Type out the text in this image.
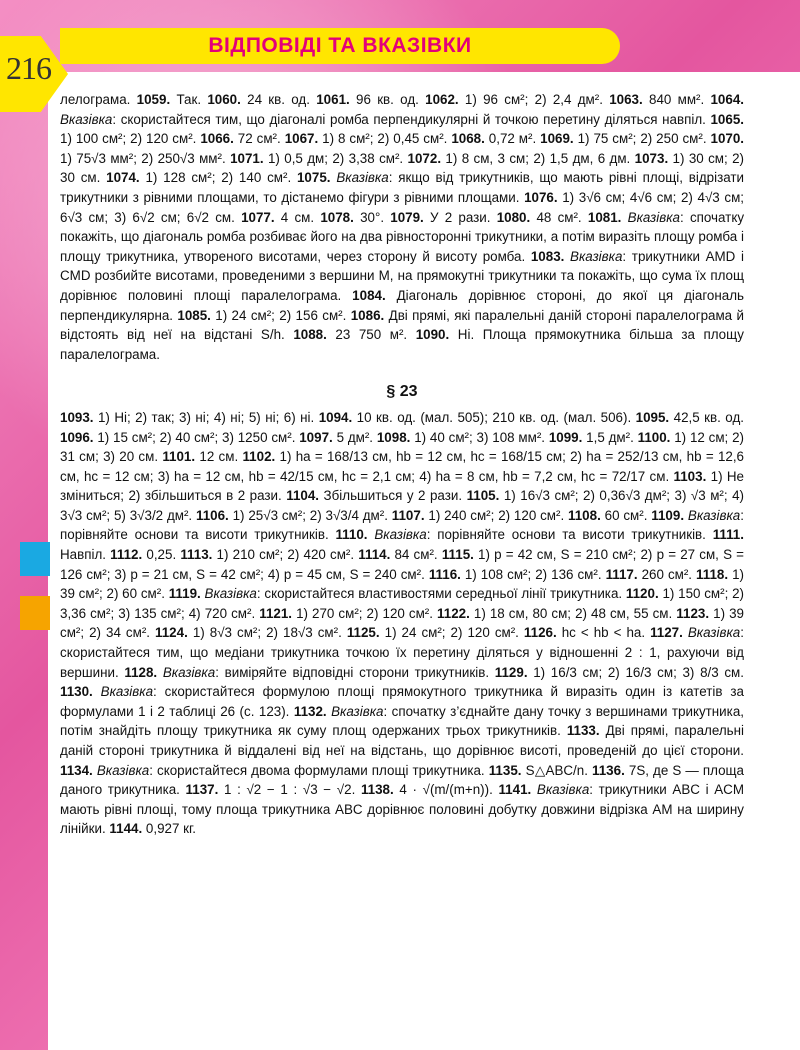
216
ВІДПОВІДІ ТА ВКАЗІВКИ

лелограма. 1059. Так. 1060. 24 кв. од. 1061. 96 кв. од. 1062. 1) 96 см²; 2) 2,4 дм². 1063. 840 мм². 1064. Вказівка: скористайтеся тим, що діагоналі ромба перпендикулярні й точкою перетину діляться навпіл. 1065. 1) 100 см²; 2) 120 см². 1066. 72 см². 1067. 1) 8 см²; 2) 0,45 см². 1068. 0,72 м². 1069. 1) 75 см²; 2) 250 см². 1070. 1) 75√3 мм²; 2) 250√3 мм². 1071. 1) 0,5 дм; 2) 3,38 см². 1072. 1) 8 см, 3 см; 2) 1,5 дм, 6 дм. 1073. 1) 30 см; 2) 30 см. 1074. 1) 128 см²; 2) 140 см². 1075. Вказівка: якщо від трикутників, що мають рівні площі, відрізати трикутники з рівними площами, то дістанемо фігури з рівними площами. 1076. 1) 3√6 см; 4√6 см; 2) 4√3 см; 6√3 см; 3) 6√2 см; 6√2 см. 1077. 4 см. 1078. 30°. 1079. У 2 рази. 1080. 48 см². 1081. Вказівка: спочатку покажіть, що діагональ ромба розбиває його на два рівносторонні трикутники, а потім виразіть площу ромба і площу трикутника, утвореного висотами, через сторону й висоту ромба. 1083. Вказівка: трикутники AMD і CMD розбийте висотами, проведеними з вершини M, на прямокутні трикутники та покажіть, що сума їх площ дорівнює половині площі паралелограма. 1084. Діагональ дорівнює стороні, до якої ця діагональ перпендикулярна. 1085. 1) 24 см²; 2) 156 см². 1086. Дві прямі, які паралельні даній стороні паралелограма й відстоять від неї на відстані S/h. 1088. 23 750 м². 1090. Ні. Площа прямокутника більша за площу паралелограма.

§ 23

1093. 1) Ні; 2) так; 3) ні; 4) ні; 5) ні; 6) ні. 1094. 10 кв. од. (мал. 505); 210 кв. од. (мал. 506). 1095. 42,5 кв. од. 1096. 1) 15 см²; 2) 40 см²; 3) 1250 см². 1097. 5 дм². 1098. 1) 40 см²; 3) 108 мм². 1099. 1,5 дм². 1100. 1) 12 см; 2) 31 см; 3) 20 см. 1101. 12 см. 1102. 1) ha = 168/13 см, hb = 12 см, hc = 168/15 см; 2) ha = 252/13 см, hb = 12,6 см, hc = 12 см; 3) ha = 12 см, hb = 42/15 см, hc = 2,1 см; 4) ha = 8 см, hb = 7,2 см, hc = 72/17 см. 1103. 1) Не зміниться; 2) збільшиться в 2 рази. 1104. Збільшиться у 2 рази. 1105. 1) 16√3 см²; 2) 0,36√3 дм²; 3) √3 м²; 4) 3√3 см²; 5) 3√3/2 дм². 1106. 1) 25√3 см²; 2) 3√3/4 дм². 1107. 1) 240 см²; 2) 120 см². 1108. 60 см². 1109. Вказівка: порівняйте основи та висоти трикутників. 1110. Вказівка: порівняйте основи та висоти трикутників. 1111. Навпіл. 1112. 0,25. 1113. 1) 210 см²; 2) 420 см². 1114. 84 см². 1115. 1) p = 42 см, S = 210 см²; 2) p = 27 см, S = 126 см²; 3) p = 21 см, S = 42 см²; 4) p = 45 см, S = 240 см². 1116. 1) 108 см²; 2) 136 см². 1117. 260 см². 1118. 1) 39 см²; 2) 60 см². 1119. Вказівка: скористайтеся властивостями середньої лінії трикутника. 1120. 1) 150 см²; 2) 3,36 см²; 3) 135 см²; 4) 720 см². 1121. 1) 270 см²; 2) 120 см². 1122. 1) 18 см, 80 см; 2) 48 см, 55 см. 1123. 1) 39 см²; 2) 34 см². 1124. 1) 8√3 см²; 2) 18√3 см². 1125. 1) 24 см²; 2) 120 см². 1126. hc < hb < ha. 1127. Вказівка: скористайтеся тим, що медіани трикутника точкою їх перетину діляться у відношенні 2 : 1, рахуючи від вершини. 1128. Вказівка: виміряйте відповідні сторони трикутників. 1129. 1) 16/3 см; 2) 16/3 см; 3) 8/3 см. 1130. Вказівка: скористайтеся формулою площі прямокутного трикутника й виразіть один із катетів за формулами 1 і 2 таблиці 26 (с. 123). 1132. Вказівка: спочатку з’єднайте дану точку з вершинами трикутника, потім знайдіть площу трикутника як суму площ одержаних трьох трикутників. 1133. Дві прямі, паралельні даній стороні трикутника й віддалені від неї на відстань, що дорівнює висоті, проведеній до цієї сторони. 1134. Вказівка: скористайтеся двома формулами площі трикутника. 1135. S△ABC/n. 1136. 7S, де S — площа даного трикутника. 1137. 1 : √2 − 1 : √3 − √2. 1138. 4 · √(m/(m+n)). 1141. Вказівка: трикутники ABC і ACM мають рівні площі, тому площа трикутника ABC дорівнює половині добутку довжини відрізка AM на ширину лінійки. 1144. 0,927 кг.
